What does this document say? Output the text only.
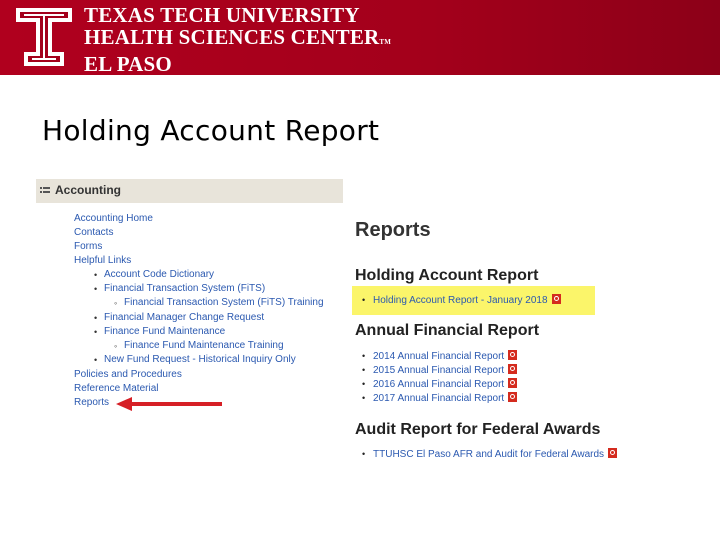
TEXAS TECH UNIVERSITY
HEALTH SCIENCES CENTERTM
EL PASO
Holding Account Report
Accounting
Accounting Home
Contacts
Forms
Helpful Links
• Account Code Dictionary
• Financial Transaction System (FiTS)
◦ Financial Transaction System (FiTS) Training
• Financial Manager Change Request
• Finance Fund Maintenance
◦ Finance Fund Maintenance Training
• New Fund Request - Historical Inquiry Only
Policies and Procedures
Reference Material
Reports
Reports
Holding Account Report
• Holding Account Report - January 2018
Annual Financial Report
• 2014 Annual Financial Report
• 2015 Annual Financial Report
• 2016 Annual Financial Report
• 2017 Annual Financial Report
Audit Report for Federal Awards
• TTUHSC El Paso AFR and Audit for Federal Awards
